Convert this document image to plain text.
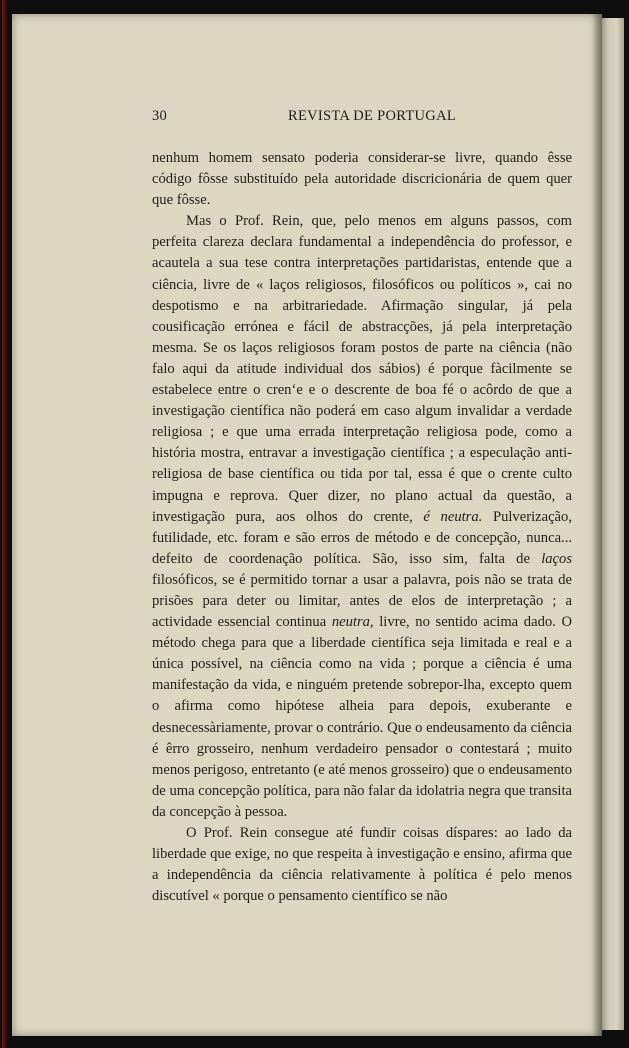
30	REVISTA DE PORTUGAL

nenhum homem sensato poderia considerar-se livre, quando êsse código fôsse substituído pela autoridade discricionária de quem quer que fôsse.

Mas o Prof. Rein, que, pelo menos em alguns passos, com perfeita clareza declara fundamental a independência do professor, e acautela a sua tese contra interpretações partidaristas, entende que a ciência, livre de « laços religiosos, filosóficos ou políticos », cai no despotismo e na arbitrariedade. Afirmação singular, já pela cousificação errónea e fácil de abstracções, já pela interpretação mesma. Se os laços religiosos foram postos de parte na ciência (não falo aqui da atitude individual dos sábios) é porque fàcilmente se estabelece entre o cren‘e e o descrente de boa fé o acôrdo de que a investigação científica não poderá em caso algum invalidar a verdade religiosa ; e que uma errada interpretação religiosa pode, como a história mostra, entravar a investigação científica ; a especulação anti-religiosa de base científica ou tida por tal, essa é que o crente culto impugna e reprova. Quer dizer, no plano actual da questão, a investigação pura, aos olhos do crente, é neutra. Pulverização, futilidade, etc. foram e são erros de método e de concepção, nunca... defeito de coordenação política. São, isso sim, falta de laços filosóficos, se é permitido tornar a usar a palavra, pois não se trata de prisões para deter ou limitar, antes de elos de interpretação ; a actividade essencial continua neutra, livre, no sentido acima dado. O método chega para que a liberdade científica seja limitada e real e a única possível, na ciência como na vida ; porque a ciência é uma manifestação da vida, e ninguém pretende sobrepor-lha, excepto quem o afirma como hipótese alheia para depois, exuberante e desnecessàriamente, provar o contrário. Que o endeusamento da ciência é êrro grosseiro, nenhum verdadeiro pensador o contestará ; muito menos perigoso, entretanto (e até menos grosseiro) que o endeusamento de uma concepção política, para não falar da idolatria negra que transita da concepção à pessoa.

O Prof. Rein consegue até fundir coisas díspares: ao lado da liberdade que exige, no que respeita à investigação e ensino, afirma que a independência da ciência relativamente à política é pelo menos discutível « porque o pensamento científico se não
